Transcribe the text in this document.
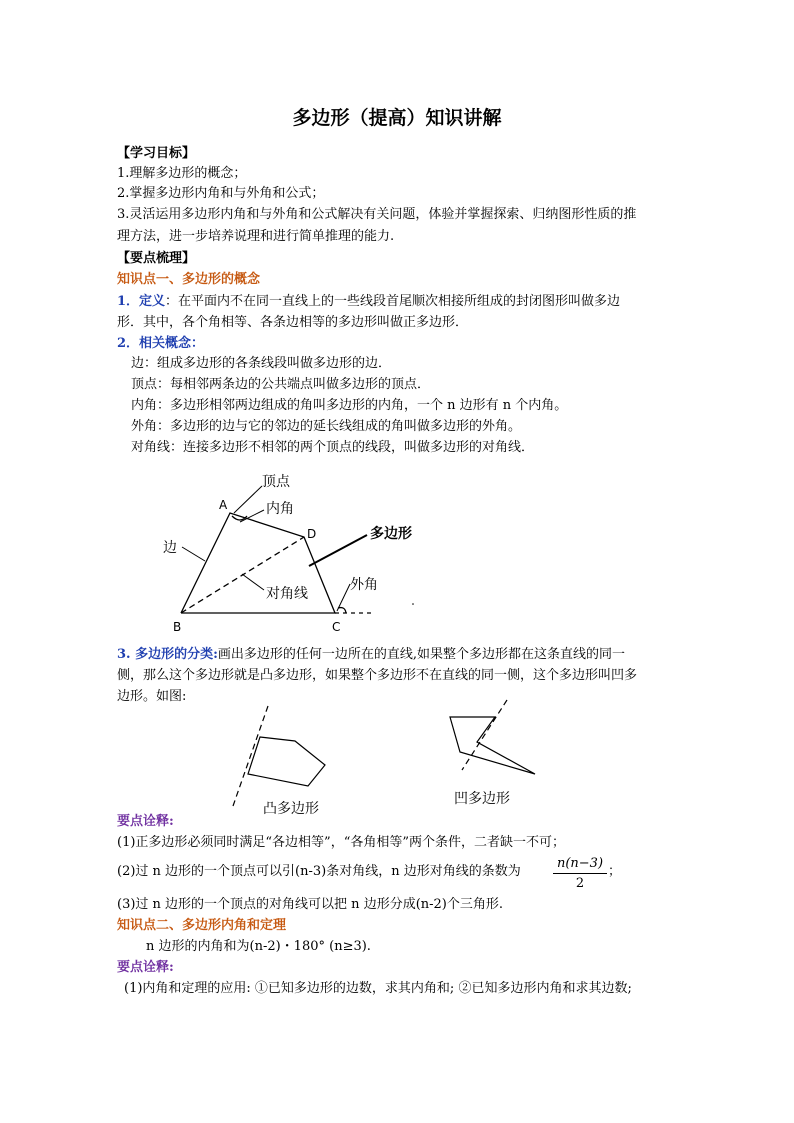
多边形（提高）知识讲解
【学习目标】
1.理解多边形的概念；
2.掌握多边形内角和与外角和公式；
3.灵活运用多边形内角和与外角和公式解决有关问题，体验并掌握探索、归纳图形性质的推
理方法，进一步培养说理和进行简单推理的能力.
【要点梳理】
知识点一、多边形的概念
1．定义：在平面内不在同一直线上的一些线段首尾顺次相接所组成的封闭图形叫做多边
形．其中，各个角相等、各条边相等的多边形叫做正多边形．
2．相关概念：
边：组成多边形的各条线段叫做多边形的边．
顶点：每相邻两条边的公共端点叫做多边形的顶点．
内角：多边形相邻两边组成的角叫多边形的内角，一个 n 边形有 n 个内角。
外角：多边形的边与它的邻边的延长线组成的角叫做多边形的外角。
对角线：连接多边形不相邻的两个顶点的线段，叫做多边形的对角线．
A
B	C
D
顶点
内角
边
多边形
对角线
外角
凸多边形
凹多边形
3. 多边形的分类:画出多边形的任何一边所在的直线,如果整个多边形都在这条直线的同一
侧，那么这个多边形就是凸多边形，如果整个多边形不在直线的同一侧，这个多边形叫凹多
边形。如图:
要点诠释:
(1)正多边形必须同时满足“各边相等”，“各角相等”两个条件，二者缺一不可；
(2)过 n 边形的一个顶点可以引(n-3)条对角线，n 边形对角线的条数为 $\frac{n(n-3)}{2}$ ；
(3)过 n 边形的一个顶点的对角线可以把 n 边形分成(n-2)个三角形.
知识点二、多边形内角和定理
n 边形的内角和为(n-2)・180° (n≥3).
要点诠释:
(1)内角和定理的应用: ①已知多边形的边数，求其内角和; ②已知多边形内角和求其边数;
